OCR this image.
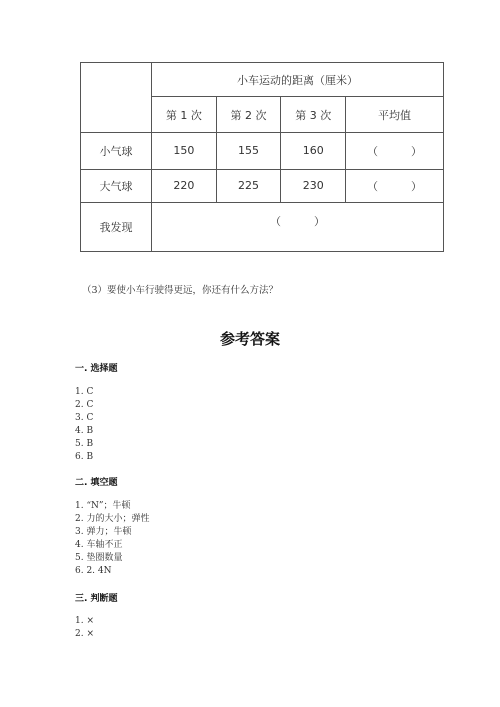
	小车运动的距离（厘米）			
	第 1 次	第 2 次	第 3 次	平均值
小气球	150	155	160	（　　　）
大气球	220	225	230	（　　　）
我发现	（　　　）			
（3）要使小车行驶得更远，你还有什么方法？
参考答案
一. 选择题
1. C
2. C
3. C
4. B
5. B
6. B
二. 填空题
1. “N”；牛顿
2. 力的大小；弹性
3. 弹力；牛顿
4. 车轴不正
5. 垫圈数量
6. 2. 4N
三. 判断题
1. ×
2. ×
